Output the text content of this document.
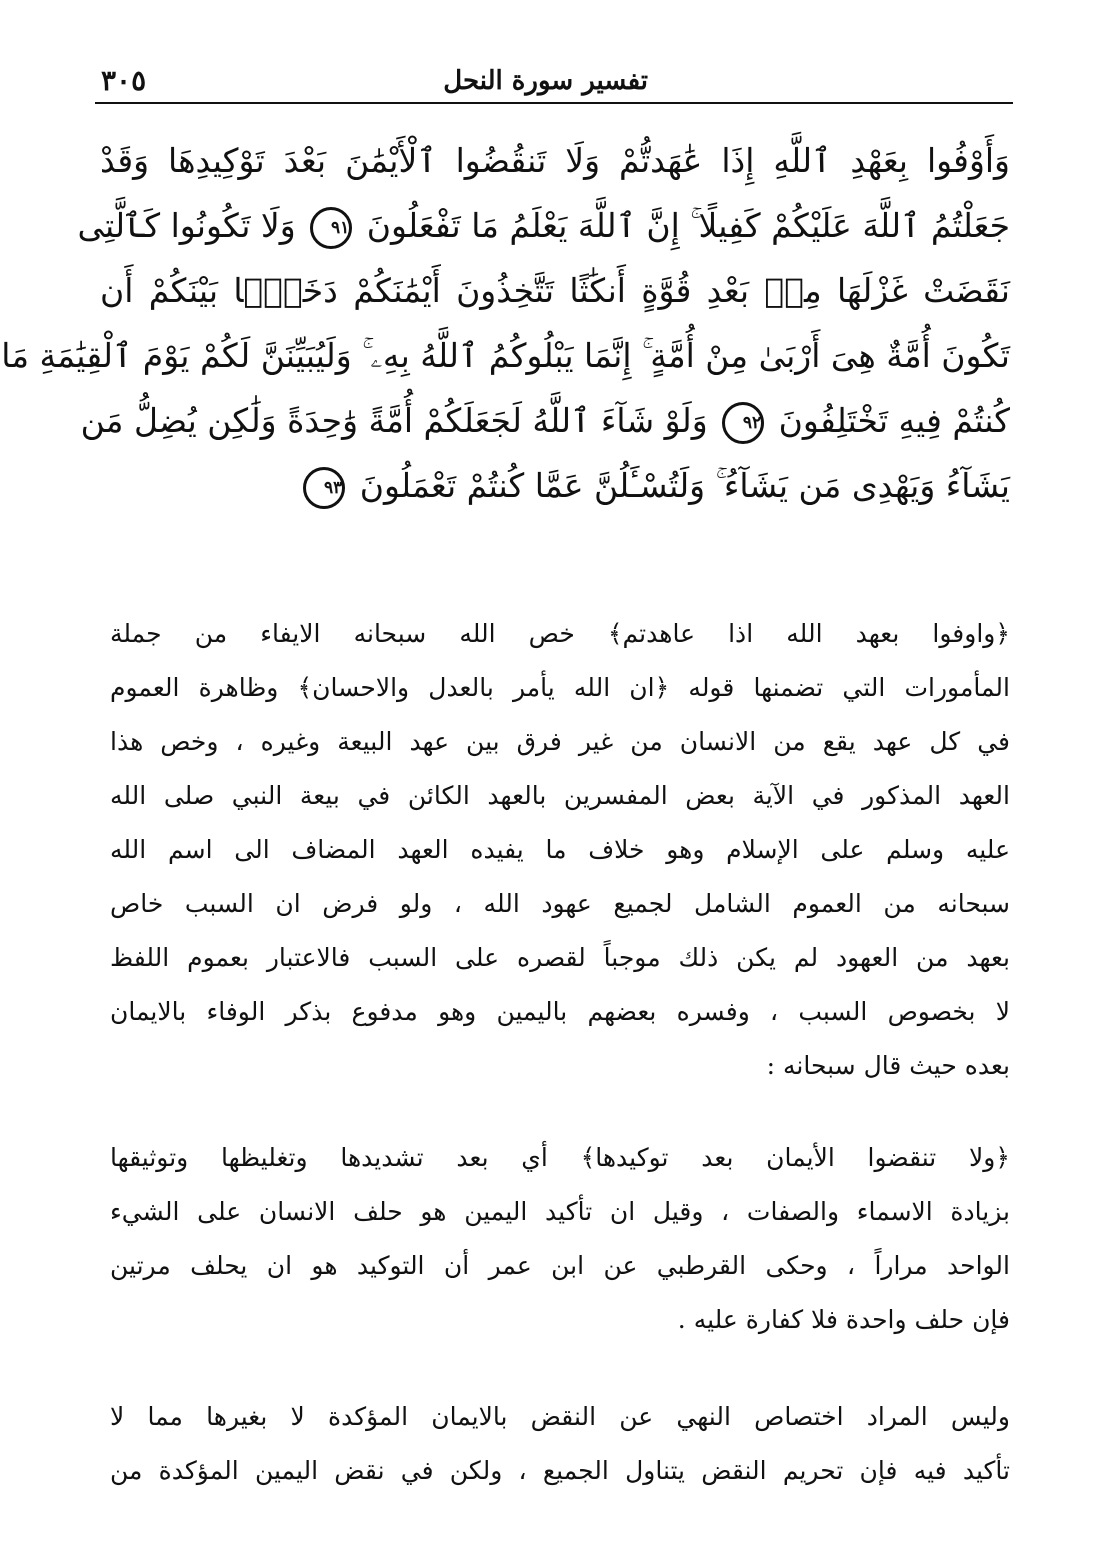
تفسير سورة النحل
٣٠٥
وَأَوْفُوا بِعَهْدِ ٱللَّهِ إِذَا عَٰهَدتُّمْ وَلَا تَنقُضُوا ٱلْأَيْمَٰنَ بَعْدَ تَوْكِيدِهَا وَقَدْ
جَعَلْتُمُ ٱللَّهَ عَلَيْكُمْ كَفِيلًا ۚ إِنَّ ٱللَّهَ يَعْلَمُ مَا تَفْعَلُونَ ٩١ وَلَا تَكُونُوا كَٱلَّتِى
نَقَضَتْ غَزْلَهَا مِنۢ بَعْدِ قُوَّةٍ أَنكَٰثًا تَتَّخِذُونَ أَيْمَٰنَكُمْ دَخَلًۢا بَيْنَكُمْ أَن
تَكُونَ أُمَّةٌ هِىَ أَرْبَىٰ مِنْ أُمَّةٍ ۚ إِنَّمَا يَبْلُوكُمُ ٱللَّهُ بِهِۦ ۚ وَلَيُبَيِّنَنَّ لَكُمْ يَوْمَ ٱلْقِيَٰمَةِ مَا
كُنتُمْ فِيهِ تَخْتَلِفُونَ ٩٢ وَلَوْ شَآءَ ٱللَّهُ لَجَعَلَكُمْ أُمَّةً وَٰحِدَةً وَلَٰكِن يُضِلُّ مَن
يَشَآءُ وَيَهْدِى مَن يَشَآءُ ۚ وَلَتُسْـَٔلُنَّ عَمَّا كُنتُمْ تَعْمَلُونَ ٩٣
﴿واوفوا بعهد الله اذا عاهدتم﴾ خص الله سبحانه الايفاء من جملة
المأمورات التي تضمنها قوله ﴿ان الله يأمر بالعدل والاحسان﴾ وظاهرة العموم
في كل عهد يقع من الانسان من غير فرق بين عهد البيعة وغيره ، وخص هذا
العهد المذكور في الآية بعض المفسرين بالعهد الكائن في بيعة النبي صلى الله
عليه وسلم على الإسلام وهو خلاف ما يفيده العهد المضاف الى اسم الله
سبحانه من العموم الشامل لجميع عهود الله ، ولو فرض ان السبب خاص
بعهد من العهود لم يكن ذلك موجباً لقصره على السبب فالاعتبار بعموم اللفظ
لا بخصوص السبب ، وفسره بعضهم باليمين وهو مدفوع بذكر الوفاء بالايمان
بعده حيث قال سبحانه :
﴿ولا تنقضوا الأيمان بعد توكيدها﴾ أي بعد تشديدها وتغليظها وتوثيقها
بزيادة الاسماء والصفات ، وقيل ان تأكيد اليمين هو حلف الانسان على الشيء
الواحد مراراً ، وحكى القرطبي عن ابن عمر أن التوكيد هو ان يحلف مرتين
فإن حلف واحدة فلا كفارة عليه .
وليس المراد اختصاص النهي عن النقض بالايمان المؤكدة لا بغيرها مما لا
تأكيد فيه فإن تحريم النقض يتناول الجميع ، ولكن في نقض اليمين المؤكدة من
